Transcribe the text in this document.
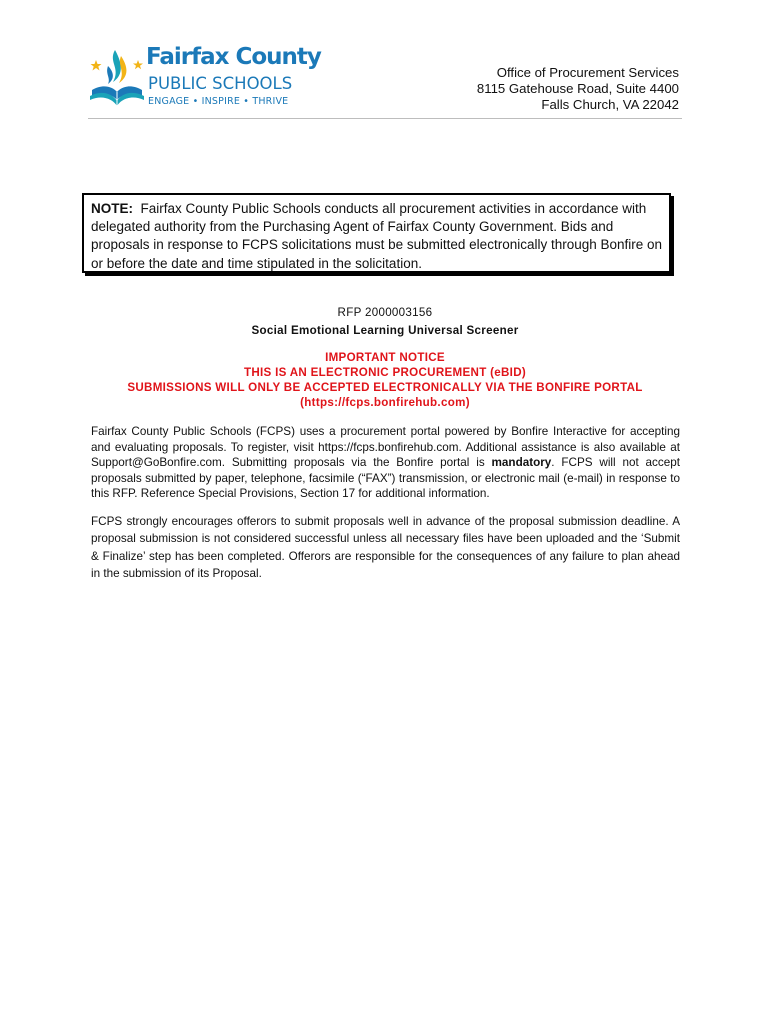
Fairfax County
PUBLIC SCHOOLS
ENGAGE • INSPIRE • THRIVE
Office of Procurement Services
8115 Gatehouse Road, Suite 4400
Falls Church, VA 22042
NOTE: Fairfax County Public Schools conducts all procurement activities in accordance with delegated authority from the Purchasing Agent of Fairfax County Government. Bids and proposals in response to FCPS solicitations must be submitted electronically through Bonfire on or before the date and time stipulated in the solicitation.
RFP 2000003156
Social Emotional Learning Universal Screener
IMPORTANT NOTICE
THIS IS AN ELECTRONIC PROCUREMENT (eBID)
SUBMISSIONS WILL ONLY BE ACCEPTED ELECTRONICALLY VIA THE BONFIRE PORTAL
(https://fcps.bonfirehub.com)
Fairfax County Public Schools (FCPS) uses a procurement portal powered by Bonfire Interactive for accepting and evaluating proposals. To register, visit https://fcps.bonfirehub.com. Additional assistance is also available at Support@GoBonfire.com. Submitting proposals via the Bonfire portal is mandatory. FCPS will not accept proposals submitted by paper, telephone, facsimile (“FAX”) transmission, or electronic mail (e-mail) in response to this RFP. Reference Special Provisions, Section 17 for additional information.
FCPS strongly encourages offerors to submit proposals well in advance of the proposal submission deadline. A proposal submission is not considered successful unless all necessary files have been uploaded and the ‘Submit & Finalize’ step has been completed. Offerors are responsible for the consequences of any failure to plan ahead in the submission of its Proposal.
